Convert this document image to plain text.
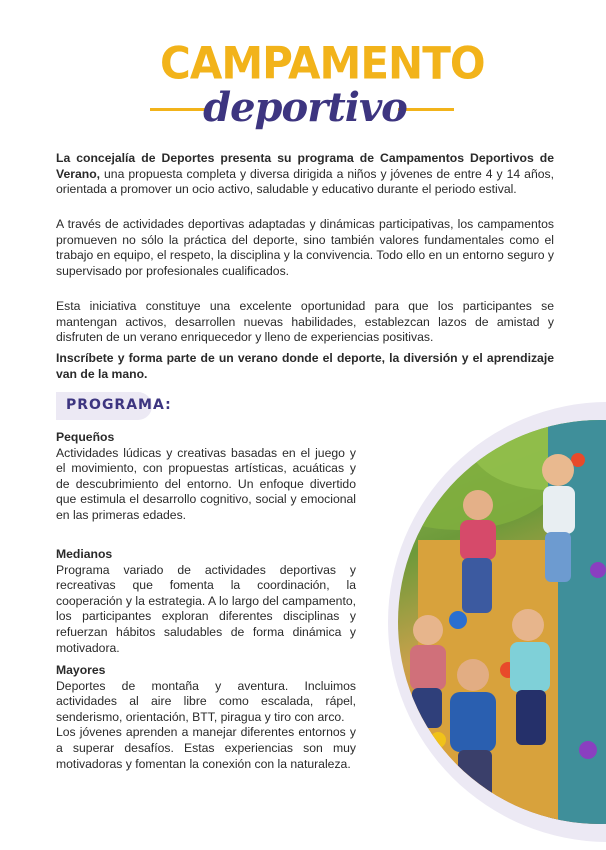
CAMPAMENTO
deportivo
La concejalía de Deportes presenta su programa de Campamentos Deportivos de Verano, una propuesta completa y diversa dirigida a niños y jóvenes de entre 4 y 14 años, orientada a promover un ocio activo, saludable y educativo durante el periodo estival.
A través de actividades deportivas adaptadas y dinámicas participativas, los campamentos promueven no sólo la práctica del deporte, sino también valores fundamentales como el trabajo en equipo, el respeto, la disciplina y la convivencia. Todo ello en un entorno seguro y supervisado por profesionales cualificados.
Esta iniciativa constituye una excelente oportunidad para que los participantes se mantengan activos, desarrollen nuevas habilidades, establezcan lazos de amistad y disfruten de un verano enriquecedor y lleno de experiencias positivas.
Inscríbete y forma parte de un verano donde el deporte, la diversión y el aprendizaje van de la mano.
PROGRAMA:
Pequeños

Actividades lúdicas y creativas basadas en el juego y el movimiento, con propuestas artísticas, acuáticas y de descubrimiento del entorno. Un enfoque divertido que estimula el desarrollo cognitivo, social y emocional en las primeras edades.

Medianos

Programa variado de actividades deportivas y recreativas que fomenta la coordinación, la cooperación y la estrategia. A lo largo del campamento, los participantes exploran diferentes disciplinas y refuerzan hábitos saludables de forma dinámica y motivadora.

Mayores

Deportes de montaña y aventura. Incluimos actividades al aire libre como escalada, rápel, senderismo, orientación, BTT, piragua y tiro con arco.

Los jóvenes aprenden a manejar diferentes entornos y a superar desafíos. Estas experiencias son muy motivadoras y fomentan la conexión con la naturaleza.
